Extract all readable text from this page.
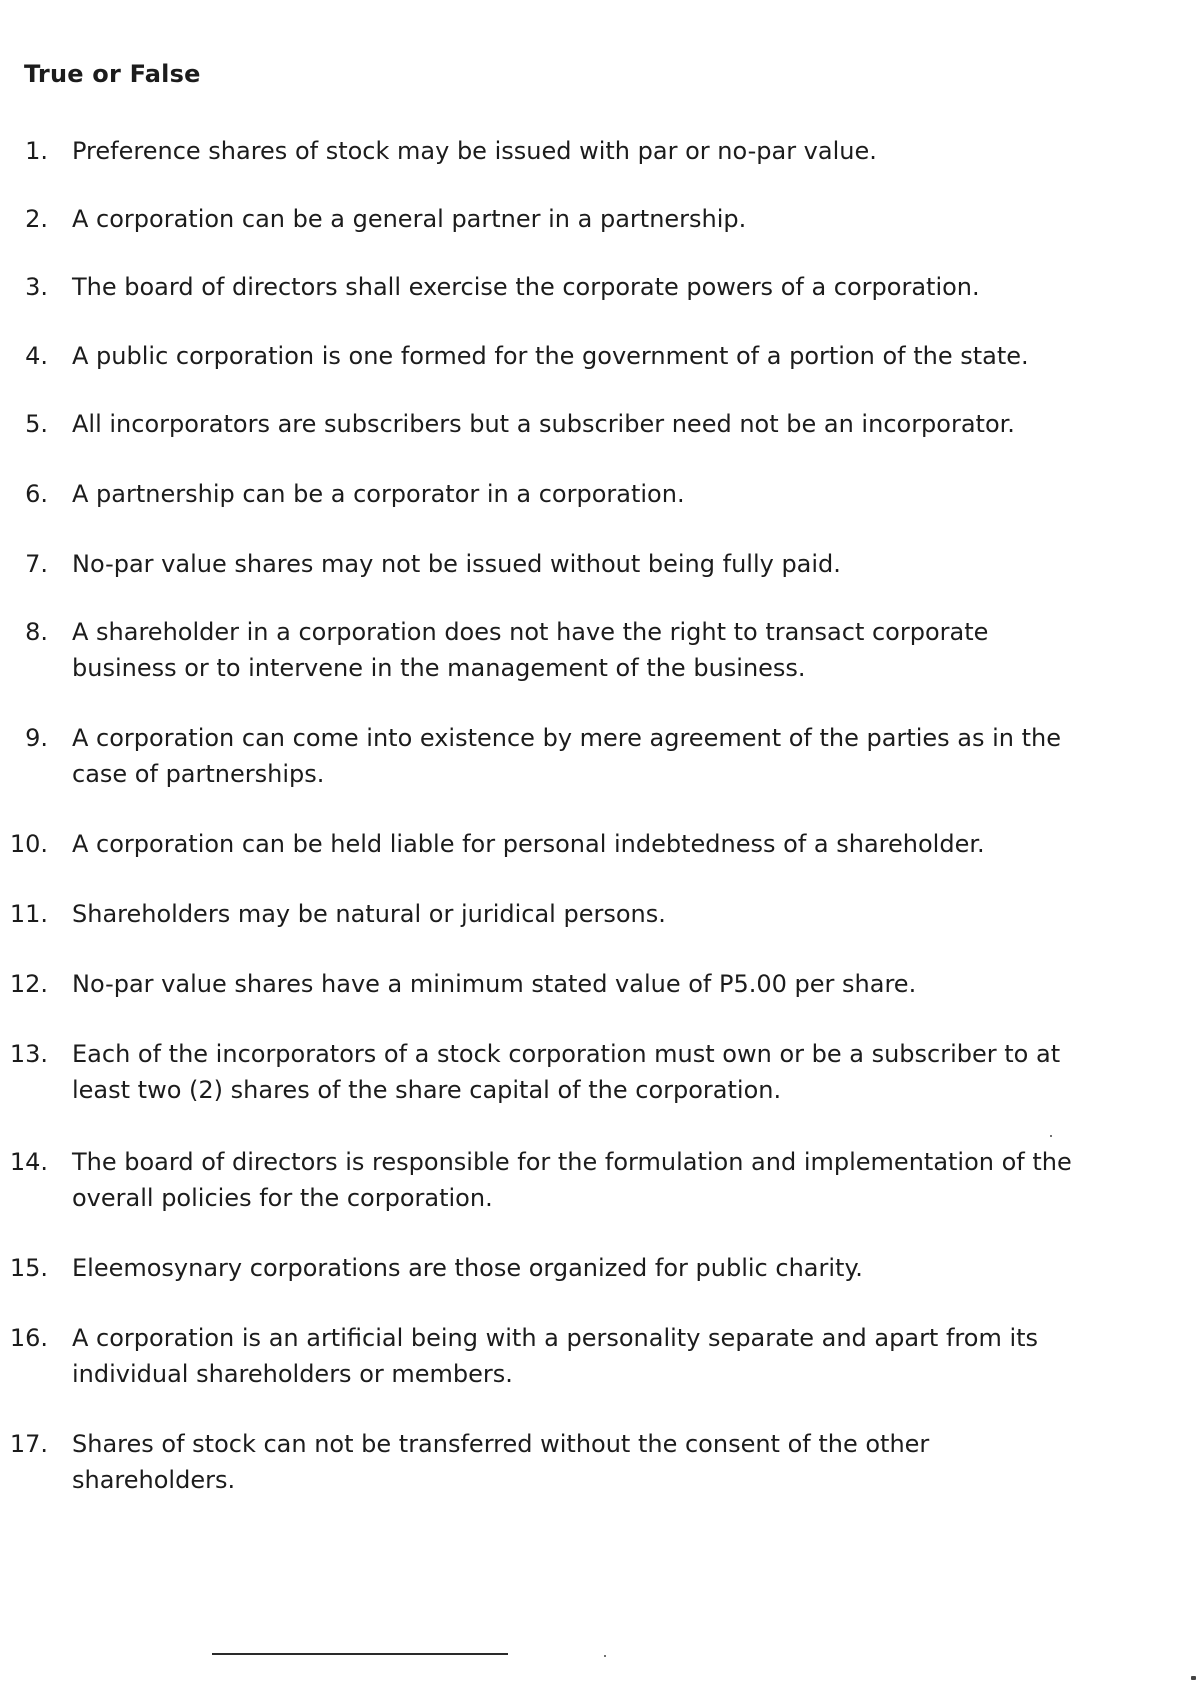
True or False
1. Preference shares of stock may be issued with par or no-par value.
2. A corporation can be a general partner in a partnership.
3. The board of directors shall exercise the corporate powers of a corporation.
4. A public corporation is one formed for the government of a portion of the state.
5. All incorporators are subscribers but a subscriber need not be an incorporator.
6. A partnership can be a corporator in a corporation.
7. No-par value shares may not be issued without being fully paid.
8. A shareholder in a corporation does not have the right to transact corporate
business or to intervene in the management of the business.
9. A corporation can come into existence by mere agreement of the parties as in the
case of partnerships.
10. A corporation can be held liable for personal indebtedness of a shareholder.
11. Shareholders may be natural or juridical persons.
12. No-par value shares have a minimum stated value of P5.00 per share.
13. Each of the incorporators of a stock corporation must own or be a subscriber to at
least two (2) shares of the share capital of the corporation.
14. The board of directors is responsible for the formulation and implementation of the
overall policies for the corporation.
15. Eleemosynary corporations are those organized for public charity.
16. A corporation is an artificial being with a personality separate and apart from its
individual shareholders or members.
17. Shares of stock can not be transferred without the consent of the other
shareholders.
